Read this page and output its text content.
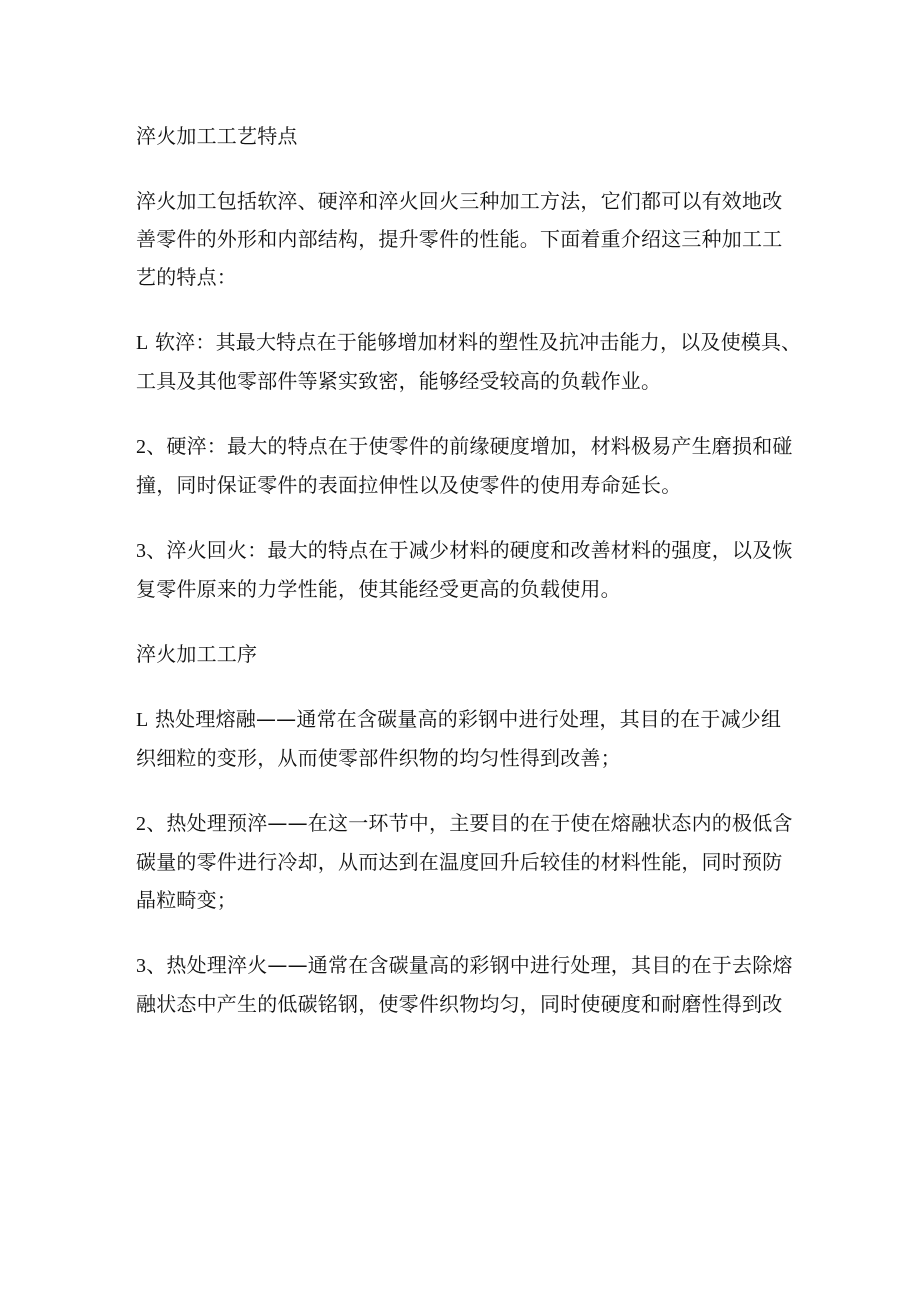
淬火加工工艺特点
淬火加工包括软淬、硬淬和淬火回火三种加工方法，它们都可以有效地改
善零件的外形和内部结构，提升零件的性能。下面着重介绍这三种加工工
艺的特点：
L 软淬：其最大特点在于能够增加材料的塑性及抗冲击能力，以及使模具、
工具及其他零部件等紧实致密，能够经受较高的负载作业。
2、硬淬：最大的特点在于使零件的前缘硬度增加，材料极易产生磨损和碰
撞，同时保证零件的表面拉伸性以及使零件的使用寿命延长。
3、淬火回火：最大的特点在于减少材料的硬度和改善材料的强度，以及恢
复零件原来的力学性能，使其能经受更高的负载使用。
淬火加工工序
L 热处理熔融——通常在含碳量高的彩钢中进行处理，其目的在于减少组
织细粒的变形，从而使零部件织物的均匀性得到改善；
2、热处理预淬——在这一环节中，主要目的在于使在熔融状态内的极低含
碳量的零件进行冷却，从而达到在温度回升后较佳的材料性能，同时预防
晶粒畸变；
3、热处理淬火——通常在含碳量高的彩钢中进行处理，其目的在于去除熔
融状态中产生的低碳铭钢，使零件织物均匀，同时使硬度和耐磨性得到改
